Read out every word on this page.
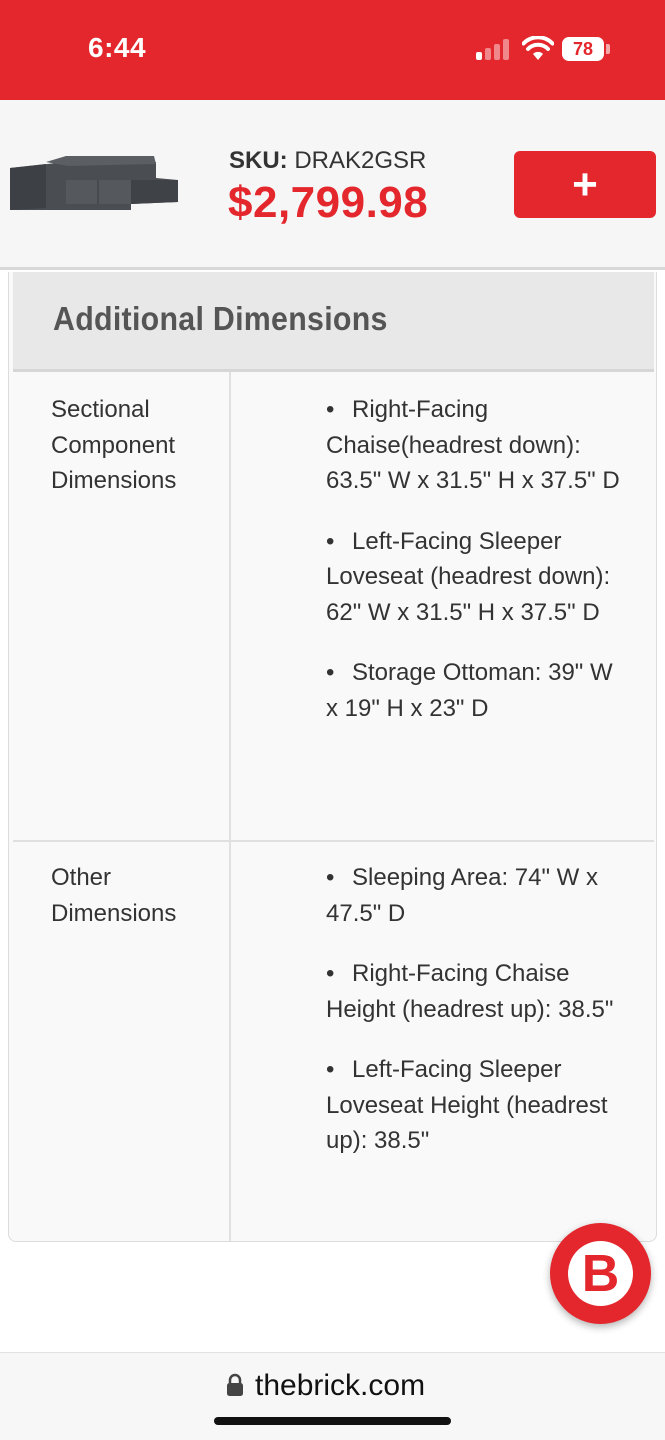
6:44	78
SKU: DRAK2GSR
$2,799.98	+
Additional Dimensions
Sectional Component Dimensions
• Right-Facing Chaise(headrest down): 63.5" W x 31.5" H x 37.5" D
• Left-Facing Sleeper Loveseat (headrest down): 62" W x 31.5" H x 37.5" D
• Storage Ottoman: 39" W x 19" H x 23" D
Other Dimensions
• Sleeping Area: 74" W x 47.5" D
• Right-Facing Chaise Height (headrest up): 38.5"
• Left-Facing Sleeper Loveseat Height (headrest up): 38.5"
B
thebrick.com
